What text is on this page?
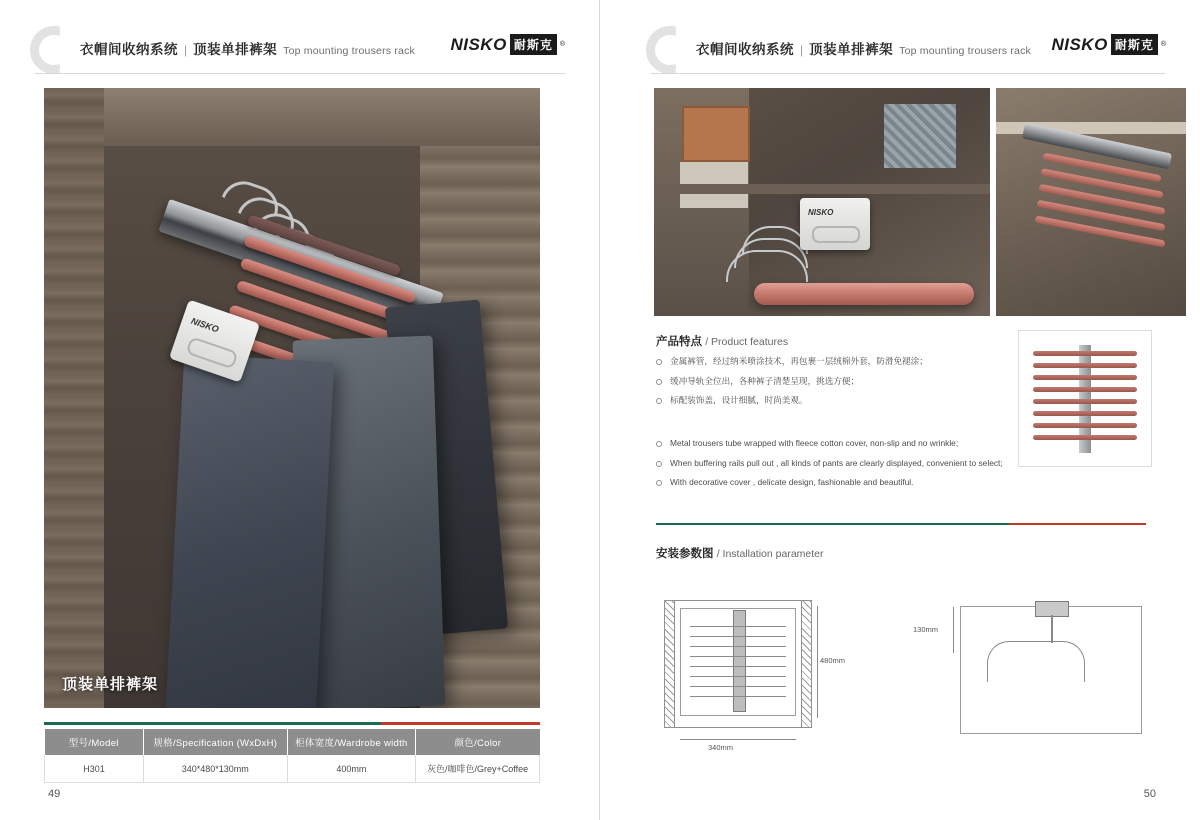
衣帽间收纳系统 | 顶装单排裤架 Top mounting trousers rack NISKO 耐斯克	®
NISKO
顶装单排裤架
型号/Model	规格/Specification (WxDxH)	柜体宽度/Wardrobe width	颜色/Color
H301	340*480*130mm	400mm	灰色/咖啡色/Grey+Coffee
49
衣帽间收纳系统 | 顶装单排裤架 Top mounting trousers rack NISKO 耐斯克	®
NISKO
产品特点 / Product features
金属裤管，经过纳米喷涂技术，再包裹一层绒棉外套，防滑免褪涂；
缓冲导轨全位出，各种裤子清楚呈现，挑选方便；
标配装饰盖，设计细腻，时尚美观。
Metal trousers tube wrapped with fleece cotton cover, non-slip and no wrinkle;
When buffering rails pull out , all kinds of pants are clearly displayed, convenient to select;
With decorative cover , delicate design, fashionable and beautiful.
安装参数图 / Installation parameter
480mm
340mm
130mm
50
